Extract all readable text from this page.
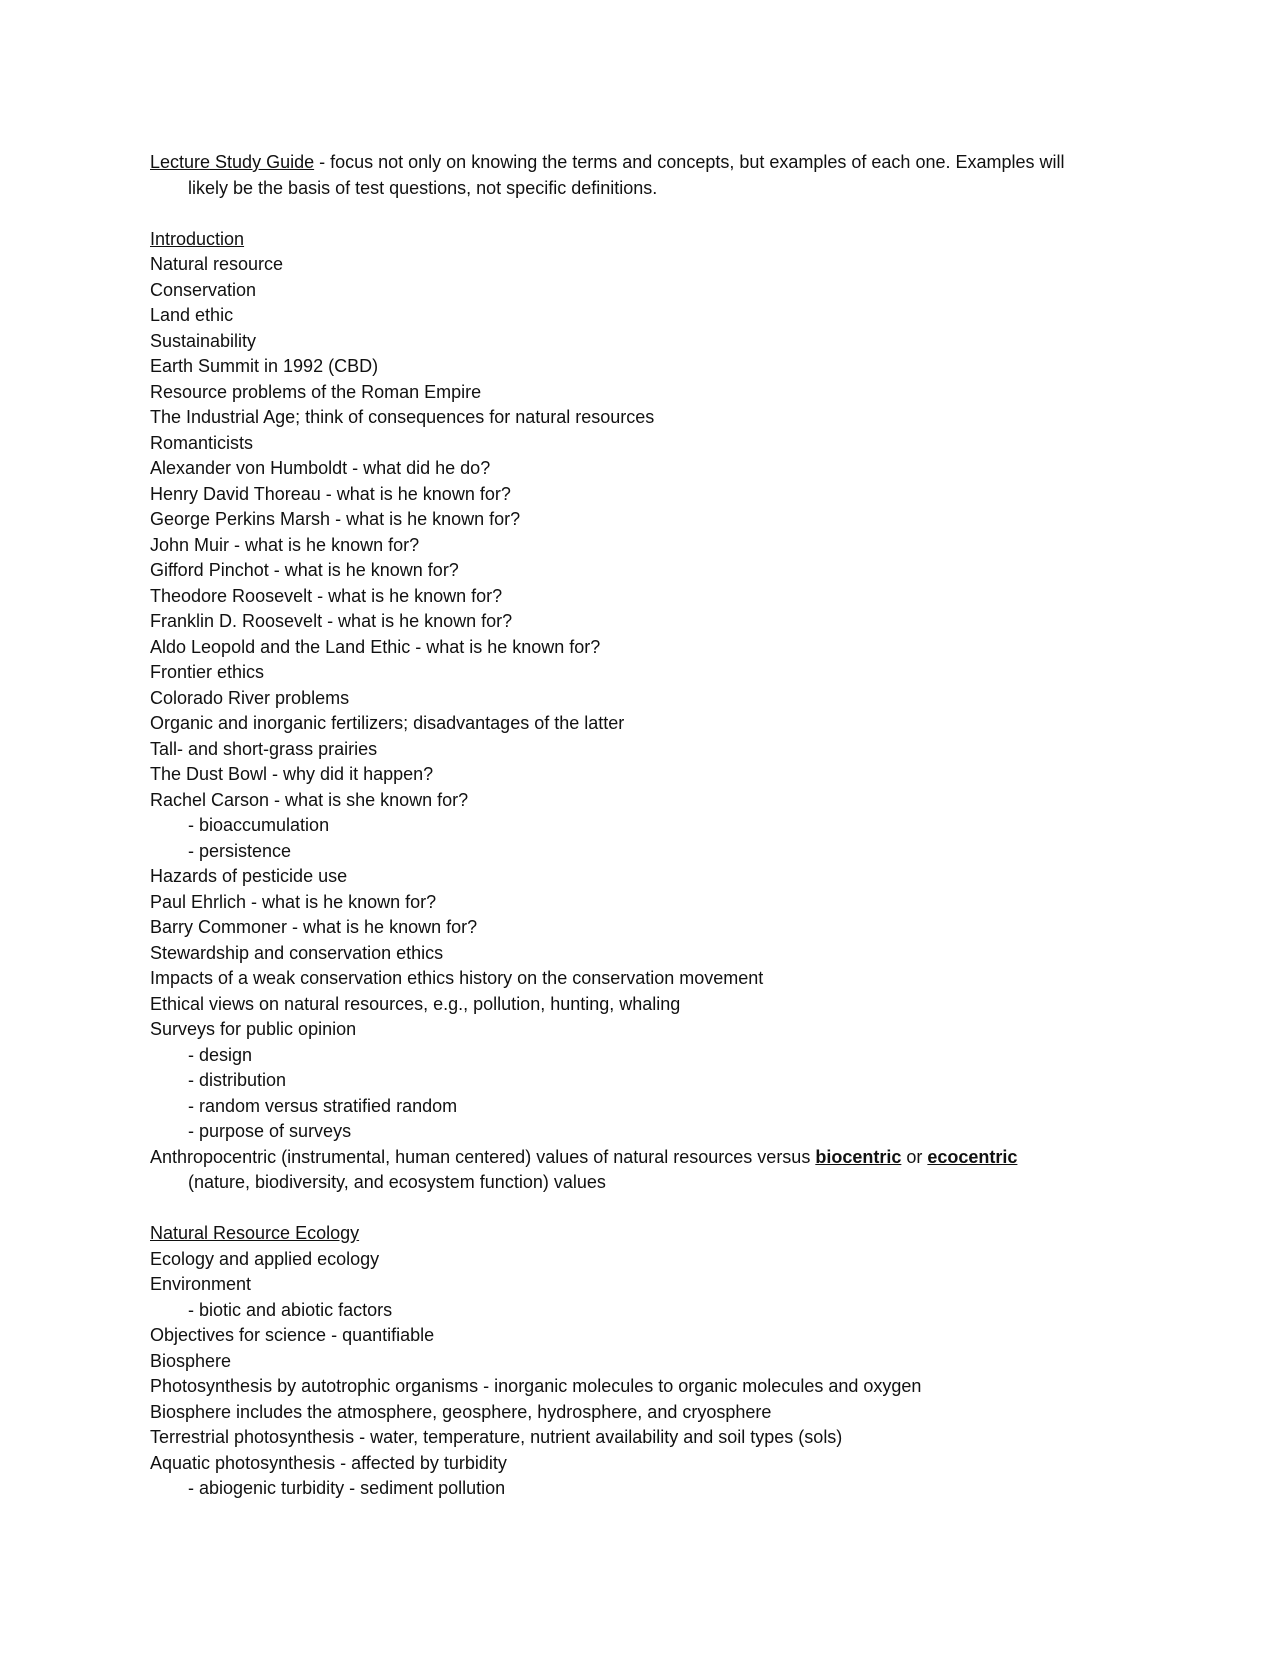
Lecture Study Guide - focus not only on knowing the terms and concepts, but examples of each one. Examples will
likely be the basis of test questions, not specific definitions.
Introduction
Natural resource
Conservation
Land ethic
Sustainability
Earth Summit in 1992 (CBD)
Resource problems of the Roman Empire
The Industrial Age; think of consequences for natural resources
Romanticists
Alexander von Humboldt - what did he do?
Henry David Thoreau - what is he known for?
George Perkins Marsh - what is he known for?
John Muir - what is he known for?
Gifford Pinchot - what is he known for?
Theodore Roosevelt - what is he known for?
Franklin D. Roosevelt - what is he known for?
Aldo Leopold and the Land Ethic - what is he known for?
Frontier ethics
Colorado River problems
Organic and inorganic fertilizers; disadvantages of the latter
Tall- and short-grass prairies
The Dust Bowl - why did it happen?
Rachel Carson - what is she known for?
- bioaccumulation
- persistence
Hazards of pesticide use
Paul Ehrlich - what is he known for?
Barry Commoner - what is he known for?
Stewardship and conservation ethics
Impacts of a weak conservation ethics history on the conservation movement
Ethical views on natural resources, e.g., pollution, hunting, whaling
Surveys for public opinion
- design
- distribution
- random versus stratified random
- purpose of surveys
Anthropocentric (instrumental, human centered) values of natural resources versus biocentric or ecocentric
(nature, biodiversity, and ecosystem function) values
Natural Resource Ecology
Ecology and applied ecology
Environment
- biotic and abiotic factors
Objectives for science - quantifiable
Biosphere
Photosynthesis by autotrophic organisms - inorganic molecules to organic molecules and oxygen
Biosphere includes the atmosphere, geosphere, hydrosphere, and cryosphere
Terrestrial photosynthesis - water, temperature, nutrient availability and soil types (sols)
Aquatic photosynthesis - affected by turbidity
- abiogenic turbidity - sediment pollution
